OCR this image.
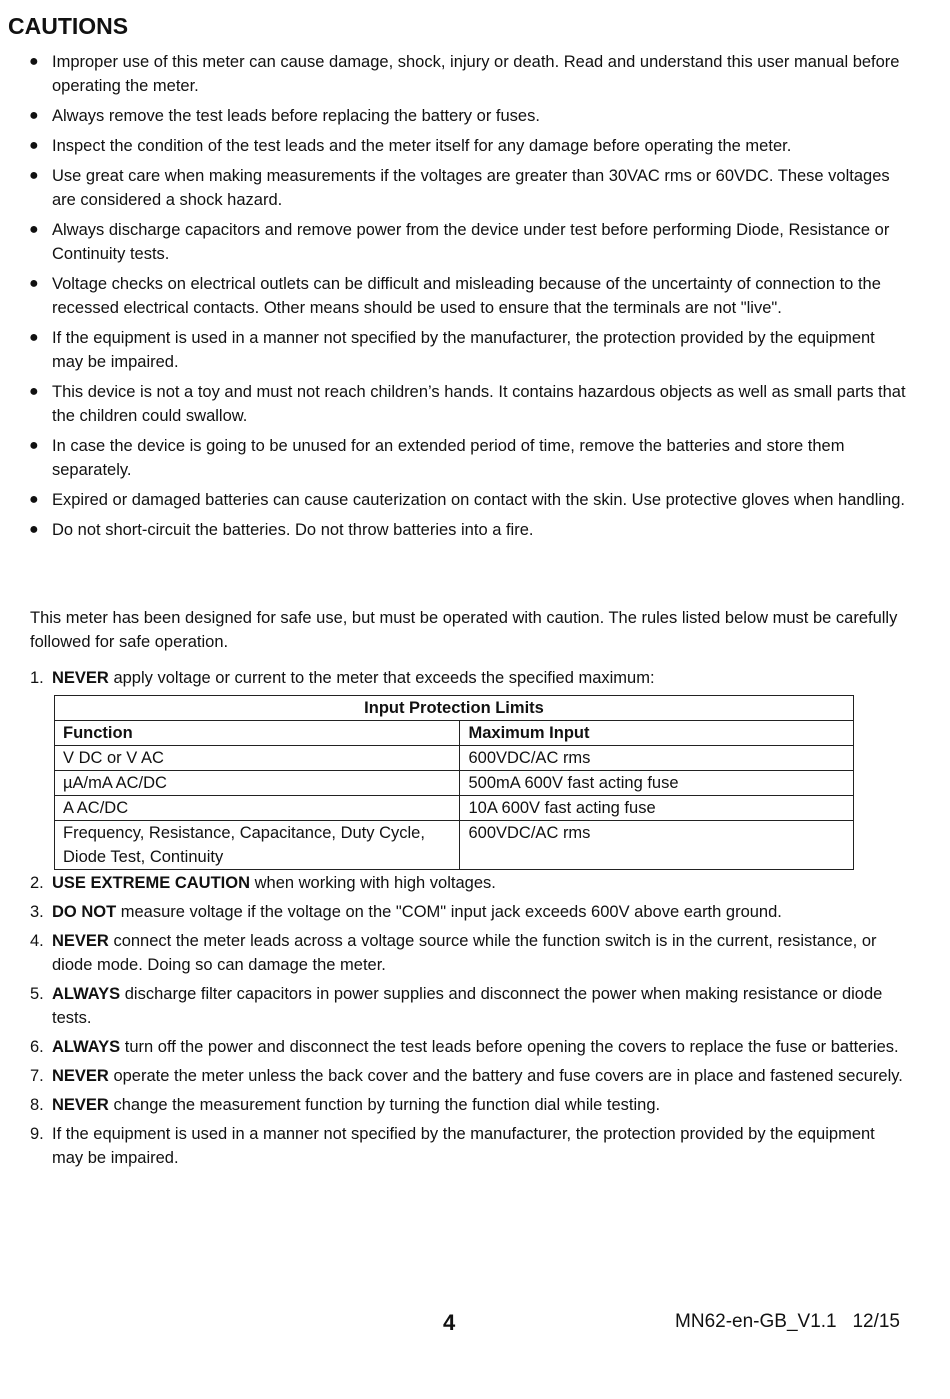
CAUTIONS
● Improper use of this meter can cause damage, shock, injury or death. Read and understand this user manual before operating the meter.
● Always remove the test leads before replacing the battery or fuses.
● Inspect the condition of the test leads and the meter itself for any damage before operating the meter.
● Use great care when making measurements if the voltages are greater than 30VAC rms or 60VDC. These voltages are considered a shock hazard.
● Always discharge capacitors and remove power from the device under test before performing Diode, Resistance or Continuity tests.
● Voltage checks on electrical outlets can be difficult and misleading because of the uncertainty of connection to the recessed electrical contacts. Other means should be used to ensure that the terminals are not "live".
● If the equipment is used in a manner not specified by the manufacturer, the protection provided by the equipment may be impaired.
● This device is not a toy and must not reach children’s hands. It contains hazardous objects as well as small parts that the children could swallow.
● In case the device is going to be unused for an extended period of time, remove the batteries and store them separately.
● Expired or damaged batteries can cause cauterization on contact with the skin. Use protective gloves when handling.
● Do not short-circuit the batteries. Do not throw batteries into a fire.

This meter has been designed for safe use, but must be operated with caution. The rules listed below must be carefully followed for safe operation.

1. NEVER apply voltage or current to the meter that exceeds the specified maximum:
Input Protection Limits	
Function	Maximum Input
V DC or V AC	600VDC/AC rms
µA/mA AC/DC	500mA 600V fast acting fuse
A AC/DC	10A 600V fast acting fuse
Frequency, Resistance, Capacitance, Duty Cycle, Diode Test, Continuity	600VDC/AC rms
2. USE EXTREME CAUTION when working with high voltages.
3. DO NOT measure voltage if the voltage on the "COM" input jack exceeds 600V above earth ground.
4. NEVER connect the meter leads across a voltage source while the function switch is in the current, resistance, or diode mode. Doing so can damage the meter.
5. ALWAYS discharge filter capacitors in power supplies and disconnect the power when making resistance or diode tests.
6. ALWAYS turn off the power and disconnect the test leads before opening the covers to replace the fuse or batteries.
7. NEVER operate the meter unless the back cover and the battery and fuse covers are in place and fastened securely.
8. NEVER change the measurement function by turning the function dial while testing.
9. If the equipment is used in a manner not specified by the manufacturer, the protection provided by the equipment may be impaired.
4	MN62-en-GB_V1.1   12/15
